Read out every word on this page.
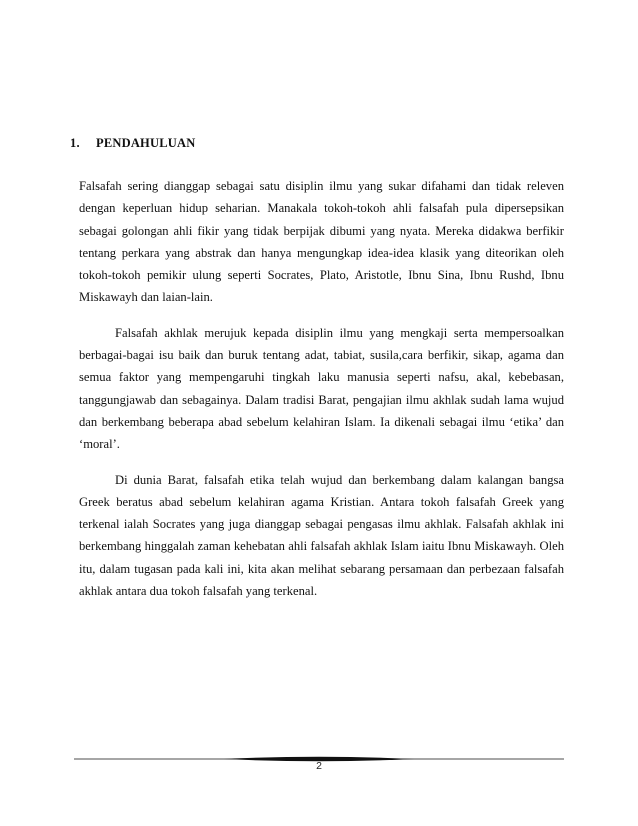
1. PENDAHULUAN

Falsafah sering dianggap sebagai satu disiplin ilmu yang sukar difahami dan tidak releven dengan keperluan hidup seharian. Manakala tokoh-tokoh ahli falsafah pula dipersepsikan sebagai golongan ahli fikir yang tidak berpijak dibumi yang nyata. Mereka didakwa berfikir tentang perkara yang abstrak dan hanya mengungkap idea-idea klasik yang diteorikan oleh tokoh-tokoh pemikir ulung seperti Socrates, Plato, Aristotle, Ibnu Sina, Ibnu Rushd, Ibnu Miskawayh dan laian-lain.

Falsafah akhlak merujuk kepada disiplin ilmu yang mengkaji serta mempersoalkan berbagai-bagai isu baik dan buruk tentang adat, tabiat, susila,cara berfikir, sikap, agama dan semua faktor yang mempengaruhi tingkah laku manusia seperti nafsu, akal, kebebasan, tanggungjawab dan sebagainya. Dalam tradisi Barat, pengajian ilmu akhlak sudah lama wujud dan berkembang beberapa abad sebelum kelahiran Islam. Ia dikenali sebagai ilmu ‘etika’ dan ‘moral’.

Di dunia Barat, falsafah etika telah wujud dan berkembang dalam kalangan bangsa Greek beratus abad sebelum kelahiran agama Kristian. Antara tokoh falsafah Greek yang terkenal ialah Socrates yang juga dianggap sebagai pengasas ilmu akhlak. Falsafah akhlak ini berkembang hinggalah zaman kehebatan ahli falsafah akhlak Islam iaitu Ibnu Miskawayh. Oleh itu, dalam tugasan pada kali ini, kita akan melihat sebarang persamaan dan perbezaan falsafah akhlak antara dua tokoh falsafah yang terkenal.

2
